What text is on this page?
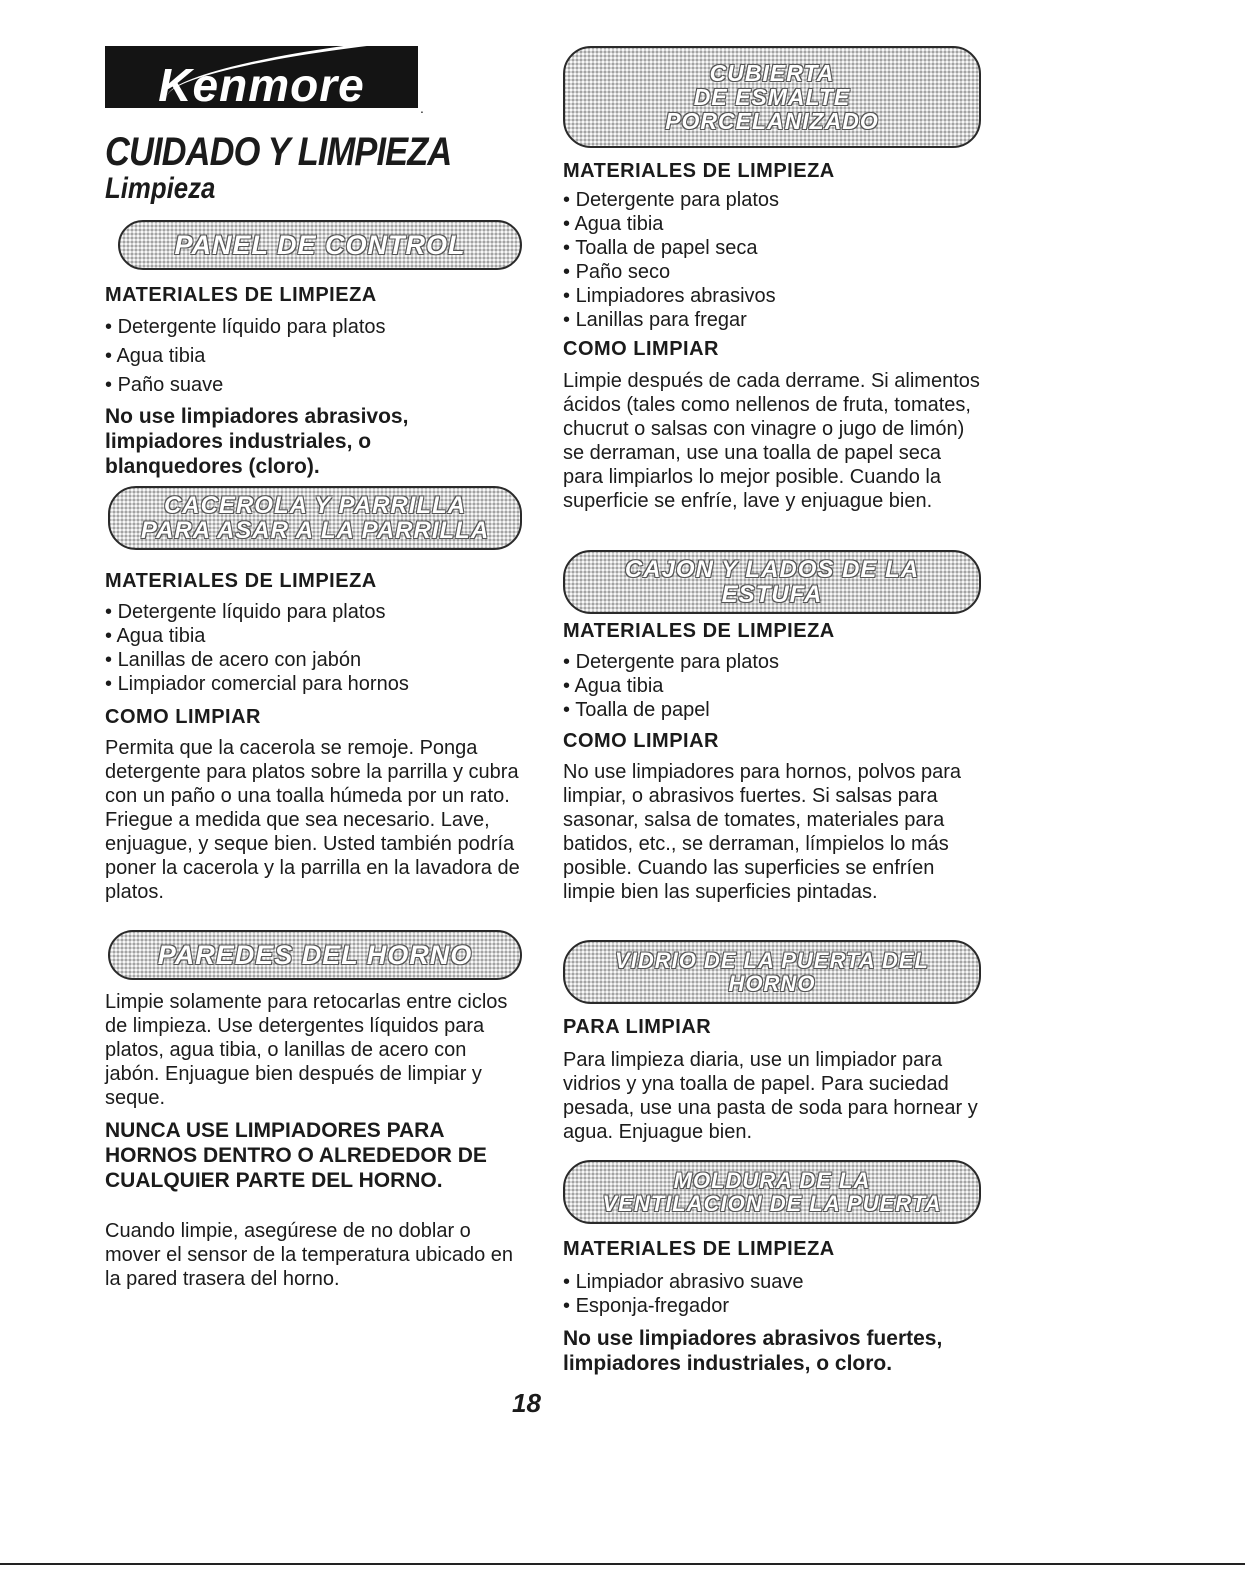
Kenmore	.
CUIDADO Y LIMPIEZA
Limpieza
PANEL DE CONTROL
MATERIALES DE LIMPIEZA
• Detergente líquido para platos
• Agua tibia
• Paño suave

No use limpiadores abrasivos, limpiadores industriales, o blanquedores (cloro).

CACEROLA Y PARRILLA
PARA ASAR A LA PARRILLA
MATERIALES DE LIMPIEZA
• Detergente líquido para platos
• Agua tibia
• Lanillas de acero con jabón
• Limpiador comercial para hornos
COMO LIMPIAR

Permita que la cacerola se remoje. Ponga detergente para platos sobre la parrilla y cubra con un paño o una toalla húmeda por un rato. Friegue a medida que sea necesario. Lave, enjuague, y seque bien. Usted también podría poner la cacerola y la parrilla en la lavadora de platos.

PAREDES DEL HORNO

Limpie solamente para retocarlas entre ciclos de limpieza. Use detergentes líquidos para platos, agua tibia, o lanillas de acero con jabón. Enjuague bien después de limpiar y seque.

NUNCA USE LIMPIADORES PARA HORNOS DENTRO O ALREDEDOR DE CUALQUIER PARTE DEL HORNO.

Cuando limpie, asegúrese de no doblar o mover el sensor de la temperatura ubicado en la pared trasera del horno.

CUBIERTA
DE ESMALTE
PORCELANIZADO
MATERIALES DE LIMPIEZA
• Detergente para platos
• Agua tibia
• Toalla de papel seca
• Paño seco
• Limpiadores abrasivos
• Lanillas para fregar
COMO LIMPIAR

Limpie después de cada derrame. Si alimentos ácidos (tales como nellenos de fruta, tomates, chucrut o salsas con vinagre o jugo de limón) se derraman, use una toalla de papel seca para limpiarlos lo mejor posible. Cuando la superficie se enfríe, lave y enjuague bien.

CAJON Y LADOS DE LA
ESTUFA
MATERIALES DE LIMPIEZA
• Detergente para platos
• Agua tibia
• Toalla de papel
COMO LIMPIAR

No use limpiadores para hornos, polvos para limpiar, o abrasivos fuertes. Si salsas para sasonar, salsa de tomates, materiales para batidos, etc., se derraman, límpielos lo más posible. Cuando las superficies se enfríen limpie bien las superficies pintadas.

VIDRIO DE LA PUERTA DEL
HORNO
PARA LIMPIAR

Para limpieza diaria, use un limpiador para vidrios y yna toalla de papel. Para suciedad pesada, use una pasta de soda para hornear y agua. Enjuague bien.

MOLDURA DE LA
VENTILACION DE LA PUERTA
MATERIALES DE LIMPIEZA
• Limpiador abrasivo suave
• Esponja-fregador

No use limpiadores abrasivos fuertes, limpiadores industriales, o cloro.

18
